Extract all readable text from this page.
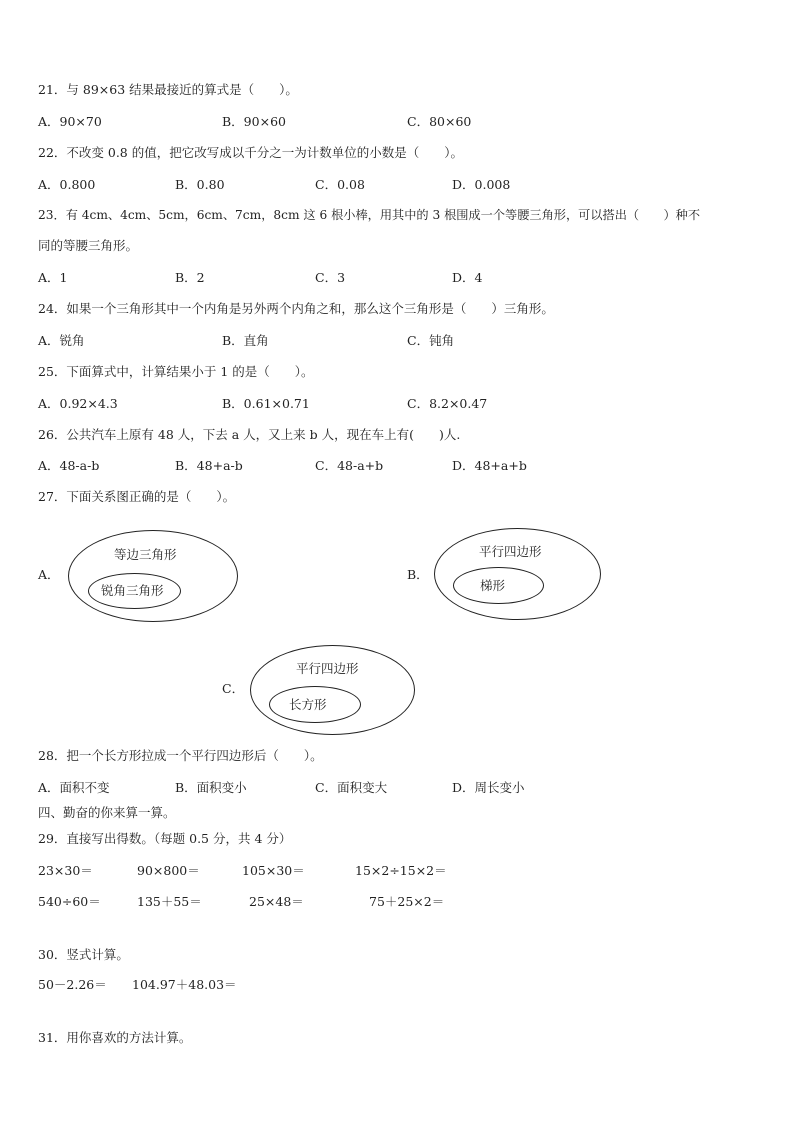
21．与 89×63 结果最接近的算式是（　　）。
A．90×70	B．90×60	C．80×60
22．不改变 0.8 的值，把它改写成以千分之一为计数单位的小数是（　　）。
A．0.800	B．0.80	C．0.08	D．0.008
23．有 4cm、4cm、5cm，6cm、7cm，8cm 这 6 根小棒，用其中的 3 根围成一个等腰三角形，可以搭出（　　）种不
同的等腰三角形。
A．1	B．2	C．3	D．4
24．如果一个三角形其中一个内角是另外两个内角之和，那么这个三角形是（　　）三角形。
A．锐角	B．直角	C．钝角
25．下面算式中，计算结果小于 1 的是（　　）。
A．0.92×4.3	B．0.61×0.71	C．8.2×0.47
26．公共汽车上原有 48 人，下去 a 人，又上来 b 人，现在车上有(　　)人.
A．48-a-b	B．48+a-b	C．48-a+b	D．48+a+b
27．下面关系图正确的是（　　）。
A．
等边三角形
锐角三角形
B．
平行四边形
梯形
C．
平行四边形
长方形
28．把一个长方形拉成一个平行四边形后（　　）。
A．面积不变	B．面积变小	C．面积变大	D．周长变小
四、勤奋的你来算一算。
29．直接写出得数。（每题 0.5 分，共 4 分）
23×30＝	90×800＝	105×30＝	15×2÷15×2＝
540÷60＝	135＋55＝	25×48＝	75＋25×2＝
30．竖式计算。
50－2.26＝ 104.97＋48.03＝
31．用你喜欢的方法计算。
